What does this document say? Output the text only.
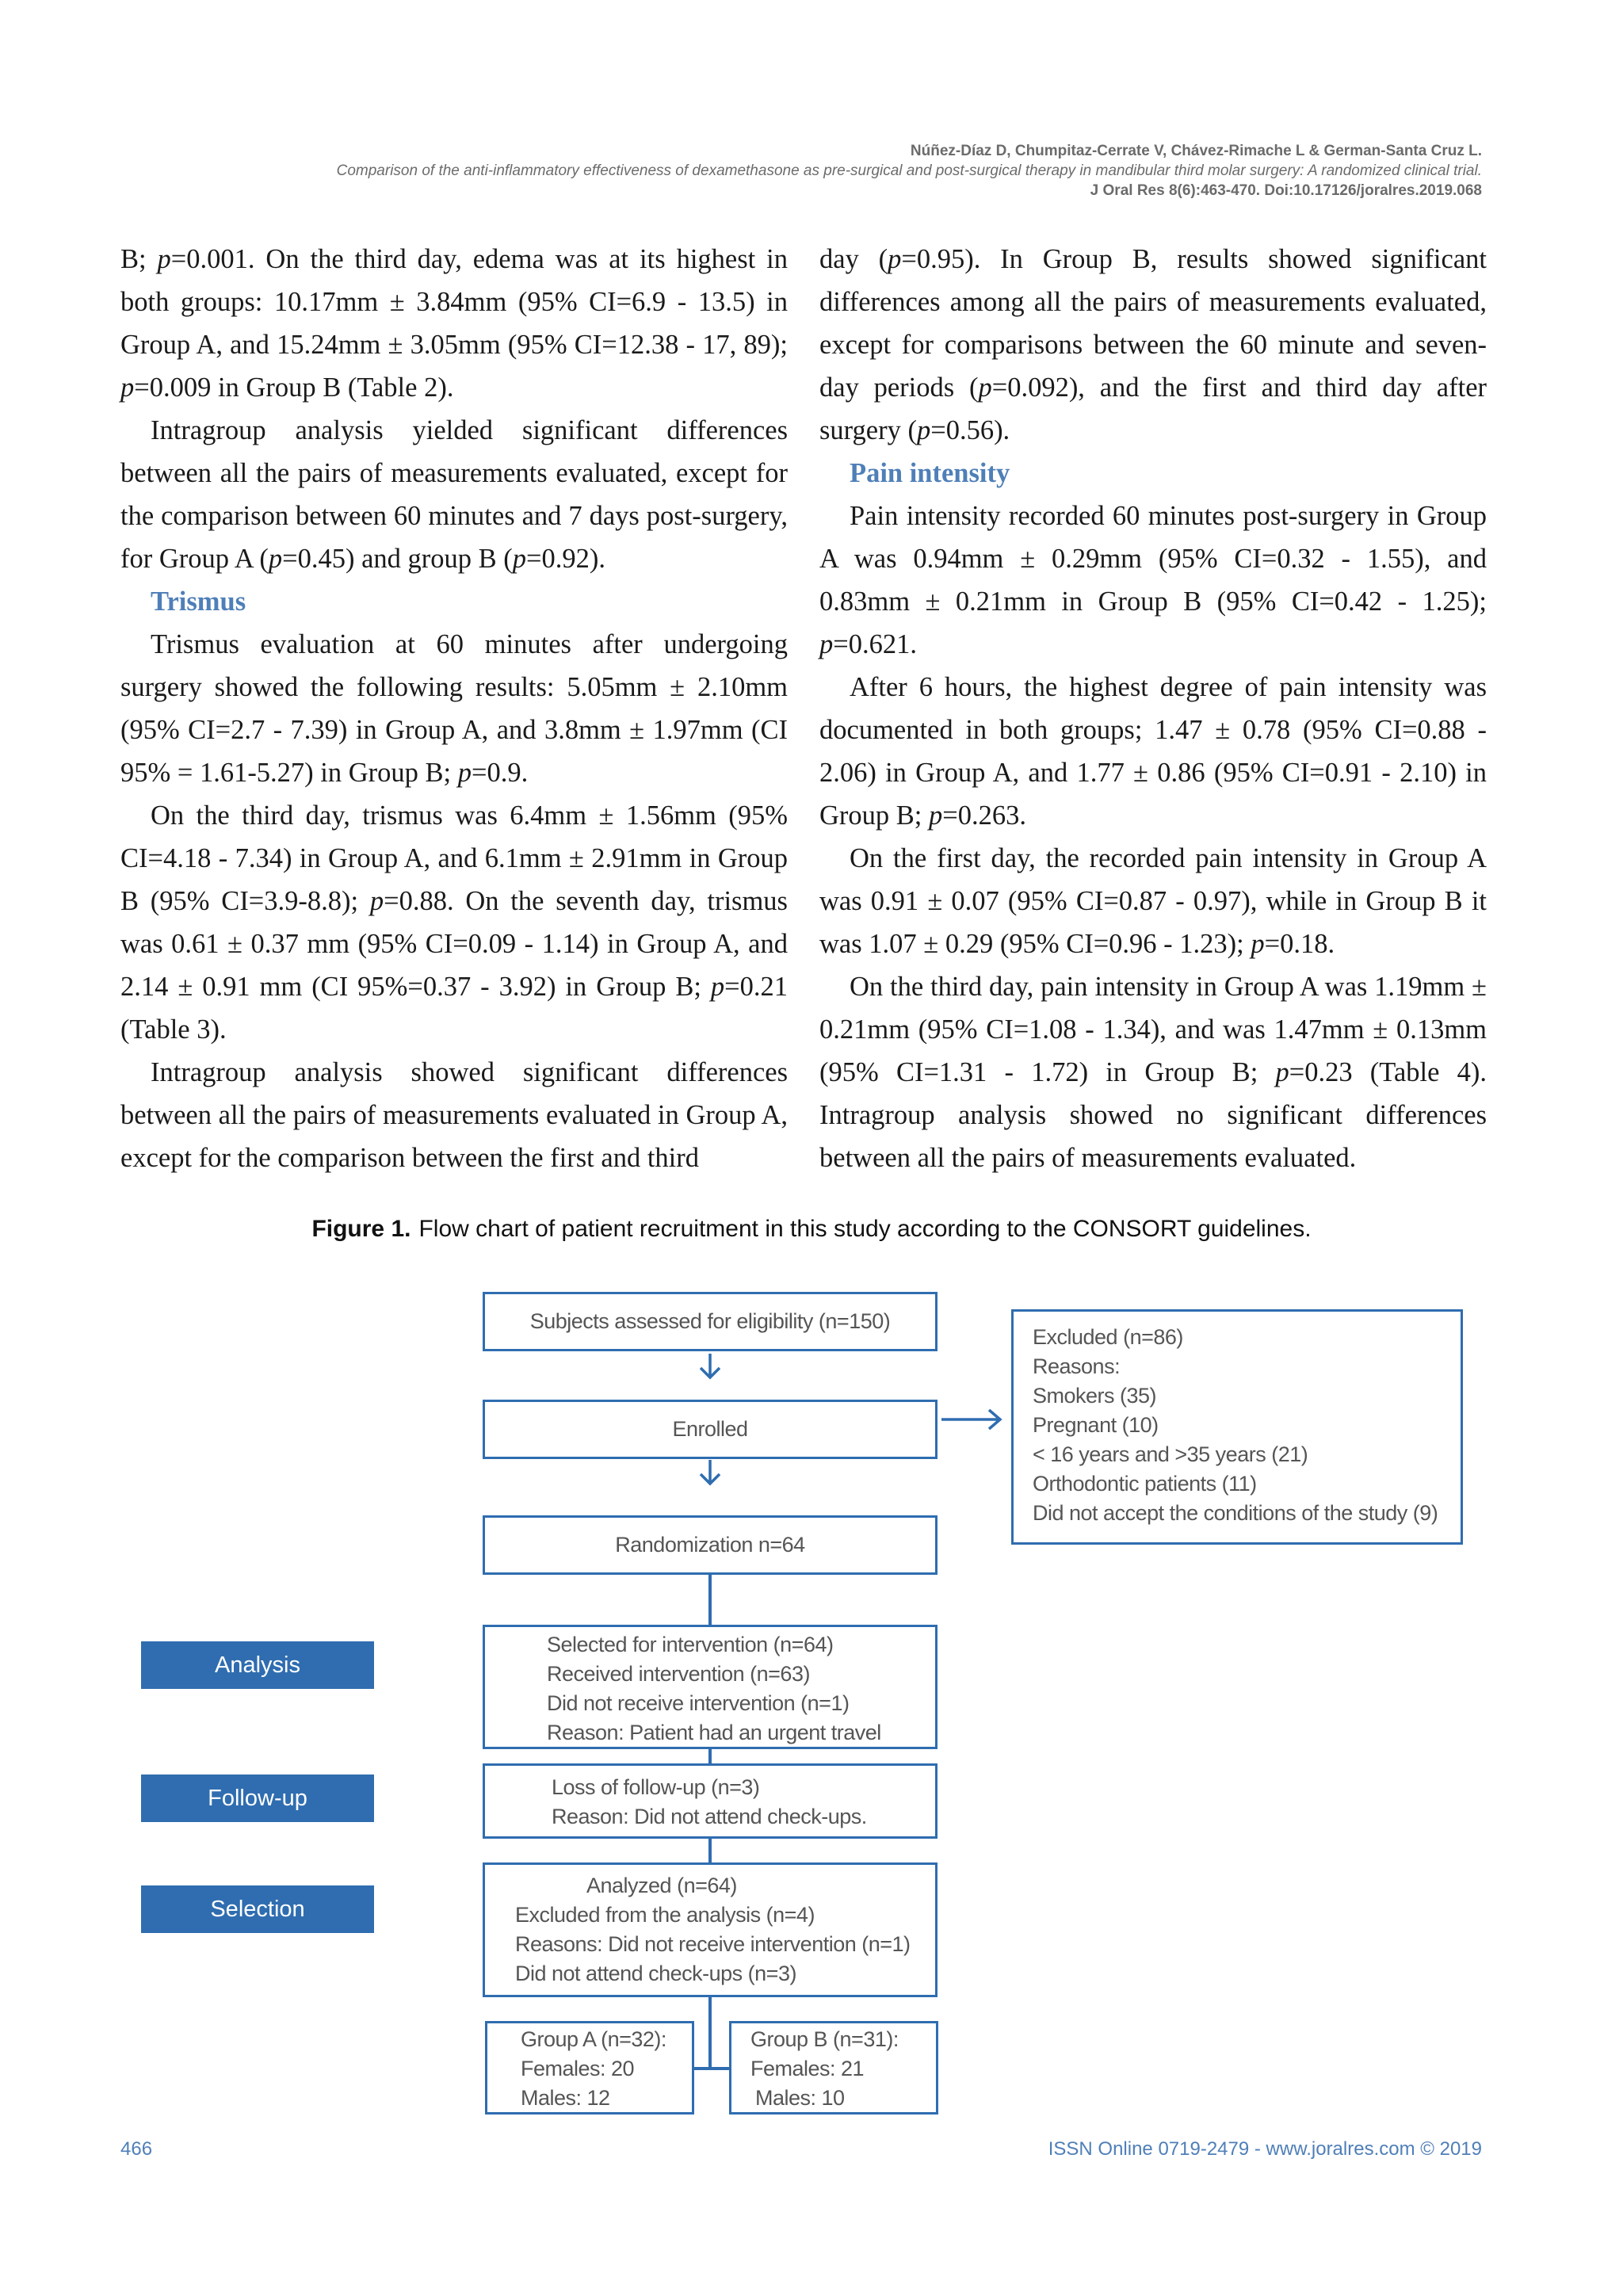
Núñez-Díaz D, Chumpitaz-Cerrate V, Chávez-Rimache L & German-Santa Cruz L.
Comparison of the anti-inflammatory effectiveness of dexamethasone as pre-surgical and post-surgical therapy in mandibular third molar surgery: A randomized clinical trial.
J Oral Res 8(6):463-470. Doi:10.17126/joralres.2019.068

B; p=0.001. On the third day, edema was at its highest in both groups: 10.17mm ± 3.84mm (95% CI=6.9 - 13.5) in Group A, and 15.24mm ± 3.05mm (95% CI=12.38 - 17, 89); p=0.009 in Group B (Table 2).

Intragroup analysis yielded significant differences between all the pairs of measurements evaluated, except for the comparison between 60 minutes and 7 days post-surgery, for Group A (p=0.45) and group B (p=0.92).

Trismus

Trismus evaluation at 60 minutes after undergoing surgery showed the following results: 5.05mm ± 2.10mm (95% CI=2.7 - 7.39) in Group A, and 3.8mm ± 1.97mm (CI 95% = 1.61-5.27) in Group B; p=0.9.

On the third day, trismus was 6.4mm ± 1.56mm (95% CI=4.18 - 7.34) in Group A, and 6.1mm ± 2.91mm in Group B (95% CI=3.9-8.8); p=0.88. On the seventh day, trismus was 0.61 ± 0.37 mm (95% CI=0.09 - 1.14) in Group A, and 2.14 ± 0.91 mm (CI 95%=0.37 - 3.92) in Group B; p=0.21 (Table 3).

Intragroup analysis showed significant differences between all the pairs of measurements evaluated in Group A, except for the comparison between the first and third

day (p=0.95). In Group B, results showed significant differences among all the pairs of measurements evaluated, except for comparisons between the 60 minute and seven-day periods (p=0.092), and the first and third day after surgery (p=0.56).

Pain intensity

Pain intensity recorded 60 minutes post-surgery in Group A was 0.94mm ± 0.29mm (95% CI=0.32 - 1.55), and 0.83mm ± 0.21mm in Group B (95% CI=0.42 - 1.25); p=0.621.

After 6 hours, the highest degree of pain intensity was documented in both groups; 1.47 ± 0.78 (95% CI=0.88 - 2.06) in Group A, and 1.77 ± 0.86 (95% CI=0.91 - 2.10) in Group B; p=0.263.

On the first day, the recorded pain intensity in Group A was 0.91 ± 0.07 (95% CI=0.87 - 0.97), while in Group B it was 1.07 ± 0.29 (95% CI=0.96 - 1.23); p=0.18.

On the third day, pain intensity in Group A was 1.19mm ± 0.21mm (95% CI=1.08 - 1.34), and was 1.47mm ± 0.13mm (95% CI=1.31 - 1.72) in Group B; p=0.23 (Table 4). Intragroup analysis showed no significant differences between all the pairs of measurements evaluated.

Figure 1. Flow chart of patient recruitment in this study according to the CONSORT guidelines.
Subjects assessed for eligibility (n=150)
Enrolled
Randomization n=64
Excluded (n=86)
Reasons:
Smokers (35)
Pregnant (10)
< 16 years and >35 years (21)
Orthodontic patients (11)
Did not accept the conditions of the study (9)
Selected for intervention (n=64)
Received intervention (n=63)
Did not receive intervention (n=1)
Reason: Patient had an urgent travel
Loss of follow-up (n=3)
Reason: Did not attend check-ups.
Analyzed (n=64)
Excluded from the analysis (n=4)
Reasons: Did not receive intervention (n=1)
Did not attend check-ups (n=3)
Group A (n=32):
Females: 20
Males: 12
Group B (n=31):
Females: 21
Males: 10
Analysis
Follow-up
Selection
466	ISSN Online 0719-2479 - www.joralres.com © 2019
